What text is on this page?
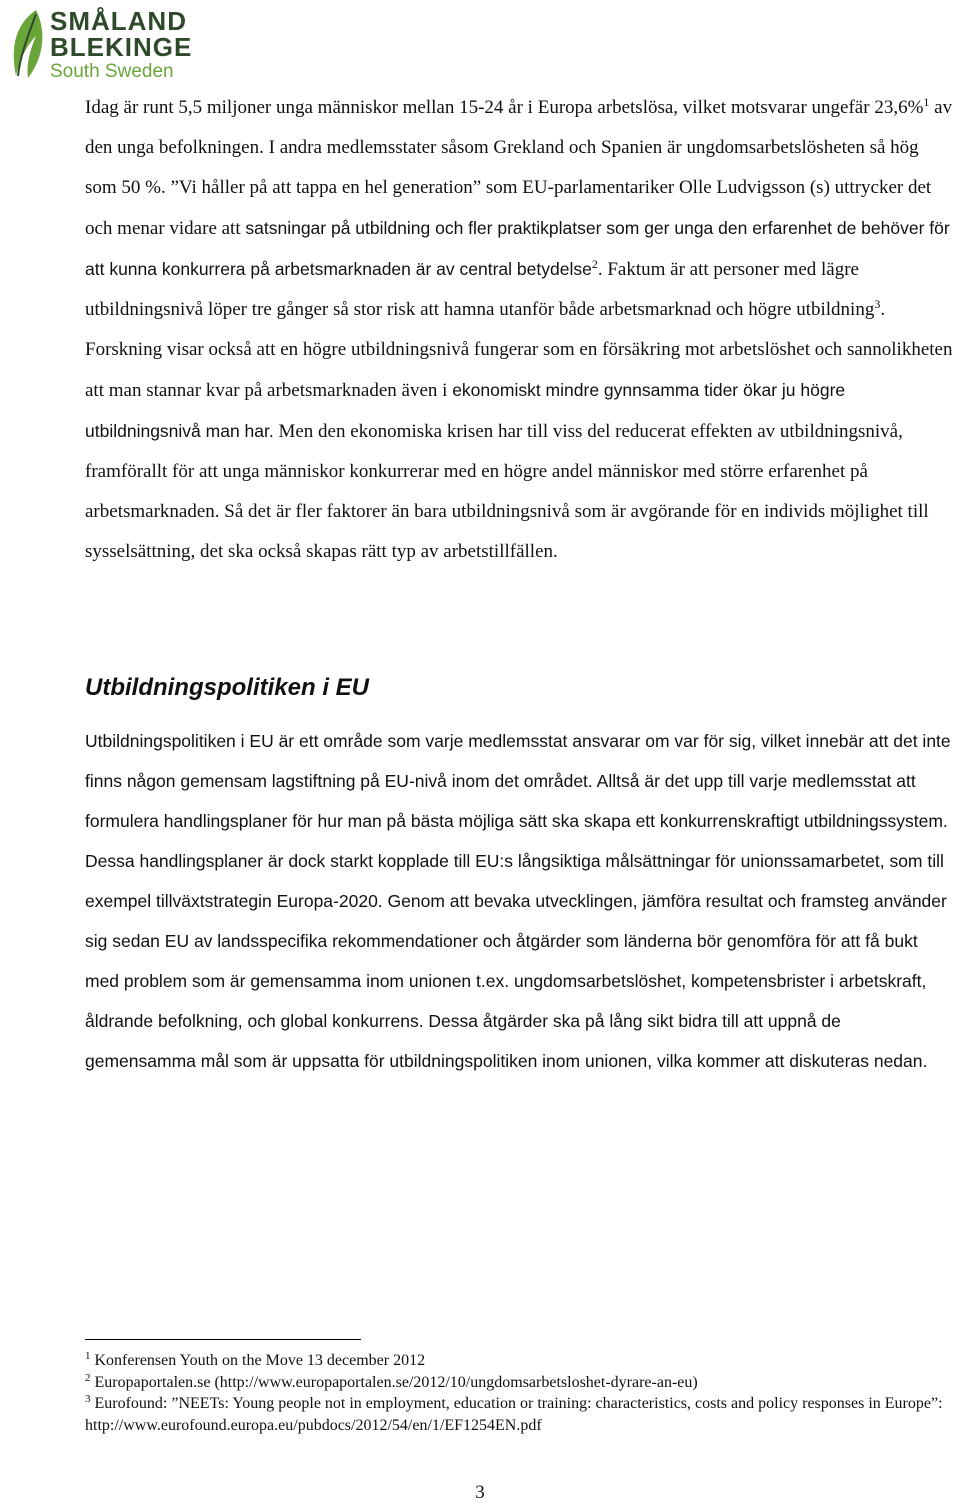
SMÅLAND
BLEKINGE
South Sweden

Idag är runt 5,5 miljoner unga människor mellan 15-24 år i Europa arbetslösa, vilket motsvarar ungefär 23,6%$^1$ av den unga befolkningen. I andra medlemsstater såsom Grekland och Spanien är ungdomsarbetslösheten så hög som 50 %. ”Vi håller på att tappa en hel generation” som EU-parlamentariker Olle Ludvigsson (s) uttrycker det och menar vidare att satsningar på utbildning och fler praktikplatser som ger unga den erfarenhet de behöver för att kunna konkurrera på arbetsmarknaden är av central betydelse$^2$. Faktum är att personer med lägre utbildningsnivå löper tre gånger så stor risk att hamna utanför både arbetsmarknad och högre utbildning$^3$. Forskning visar också att en högre utbildningsnivå fungerar som en försäkring mot arbetslöshet och sannolikheten att man stannar kvar på arbetsmarknaden även i ekonomiskt mindre gynnsamma tider ökar ju högre utbildningsnivå man har. Men den ekonomiska krisen har till viss del reducerat effekten av utbildningsnivå, framförallt för att unga människor konkurrerar med en högre andel människor med större erfarenhet på arbetsmarknaden. Så det är fler faktorer än bara utbildningsnivå som är avgörande för en individs möjlighet till sysselsättning, det ska också skapas rätt typ av arbetstillfällen.

Utbildningspolitiken i EU

Utbildningspolitiken i EU är ett område som varje medlemsstat ansvarar om var för sig, vilket innebär att det inte finns någon gemensam lagstiftning på EU-nivå inom det området. Alltså är det upp till varje medlemsstat att formulera handlingsplaner för hur man på bästa möjliga sätt ska skapa ett konkurrenskraftigt utbildningssystem. Dessa handlingsplaner är dock starkt kopplade till EU:s långsiktiga målsättningar för unionssamarbetet, som till exempel tillväxtstrategin Europa-2020. Genom att bevaka utvecklingen, jämföra resultat och framsteg använder sig sedan EU av landsspecifika rekommendationer och åtgärder som länderna bör genomföra för att få bukt med problem som är gemensamma inom unionen t.ex. ungdomsarbetslöshet, kompetensbrister i arbetskraft, åldrande befolkning, och global konkurrens. Dessa åtgärder ska på lång sikt bidra till att uppnå de gemensamma mål som är uppsatta för utbildningspolitiken inom unionen, vilka kommer att diskuteras nedan.

$^1$ Konferensen Youth on the Move 13 december 2012
$^2$ Europaportalen.se (http://www.europaportalen.se/2012/10/ungdomsarbetsloshet-dyrare-an-eu)
$^3$ Eurofound: ”NEETs: Young people not in employment, education or training: characteristics, costs and policy responses in Europe”: http://www.eurofound.europa.eu/pubdocs/2012/54/en/1/EF1254EN.pdf
3
